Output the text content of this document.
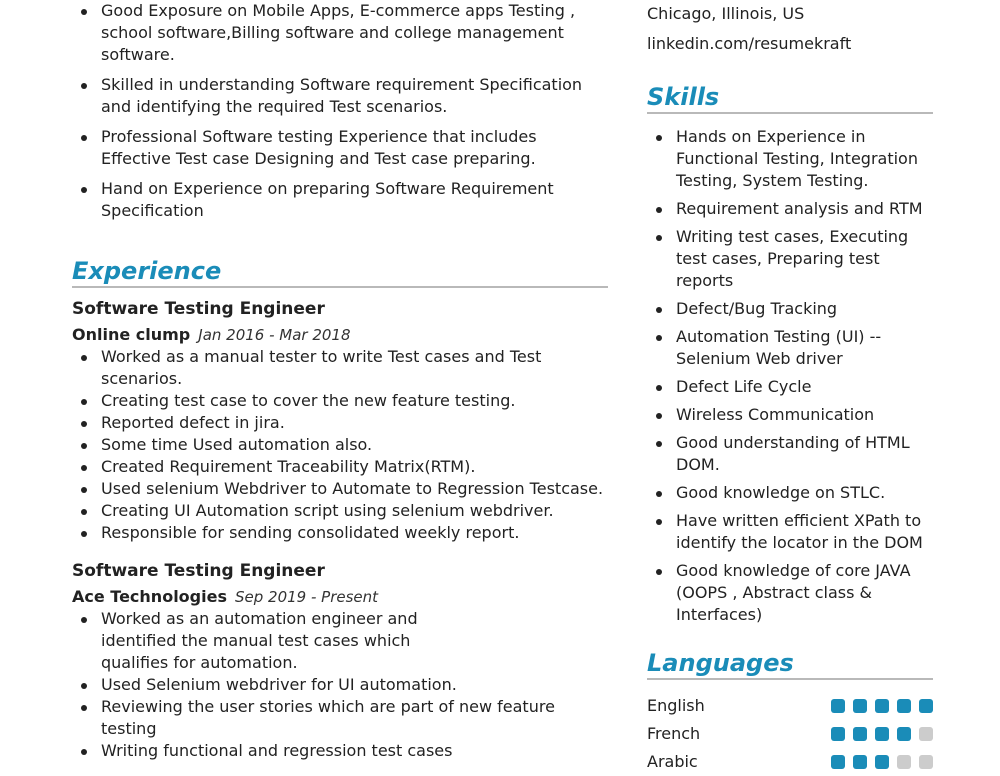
Good Exposure on Mobile Apps, E-commerce apps Testing , school software,Billing software and college management software.
Skilled in understanding Software requirement Specification and identifying the required Test scenarios.
Professional Software testing Experience that includes Effective Test case Designing and Test case preparing.
Hand on Experience on preparing Software Requirement Specification
Experience
Software Testing Engineer
Online clump Jan 2016 - Mar 2018
Worked as a manual tester to write Test cases and Test scenarios.
Creating test case to cover the new feature testing.
Reported defect in jira.
Some time Used automation also.
Created Requirement Traceability Matrix(RTM).
Used selenium Webdriver to Automate to Regression Testcase.
Creating UI Automation script using selenium webdriver.
Responsible for sending consolidated weekly report.
Software Testing Engineer
Ace Technologies Sep 2019 - Present
Worked as an automation engineer and identified the manual test cases which qualifies for automation.
Used Selenium webdriver for UI automation.
Reviewing the user stories which are part of new feature testing
Writing functional and regression test cases
Chicago, Illinois, US
linkedin.com/resumekraft
Skills
Hands on Experience in Functional Testing, Integration Testing, System Testing.
Requirement analysis and RTM
Writing test cases, Executing test cases, Preparing test reports
Defect/Bug Tracking
Automation Testing (UI) -- Selenium Web driver
Defect Life Cycle
Wireless Communication
Good understanding of HTML DOM.
Good knowledge on STLC.
Have written efficient XPath to identify the locator in the DOM
Good knowledge of core JAVA (OOPS , Abstract class & Interfaces)
Languages
English
French
Arabic
